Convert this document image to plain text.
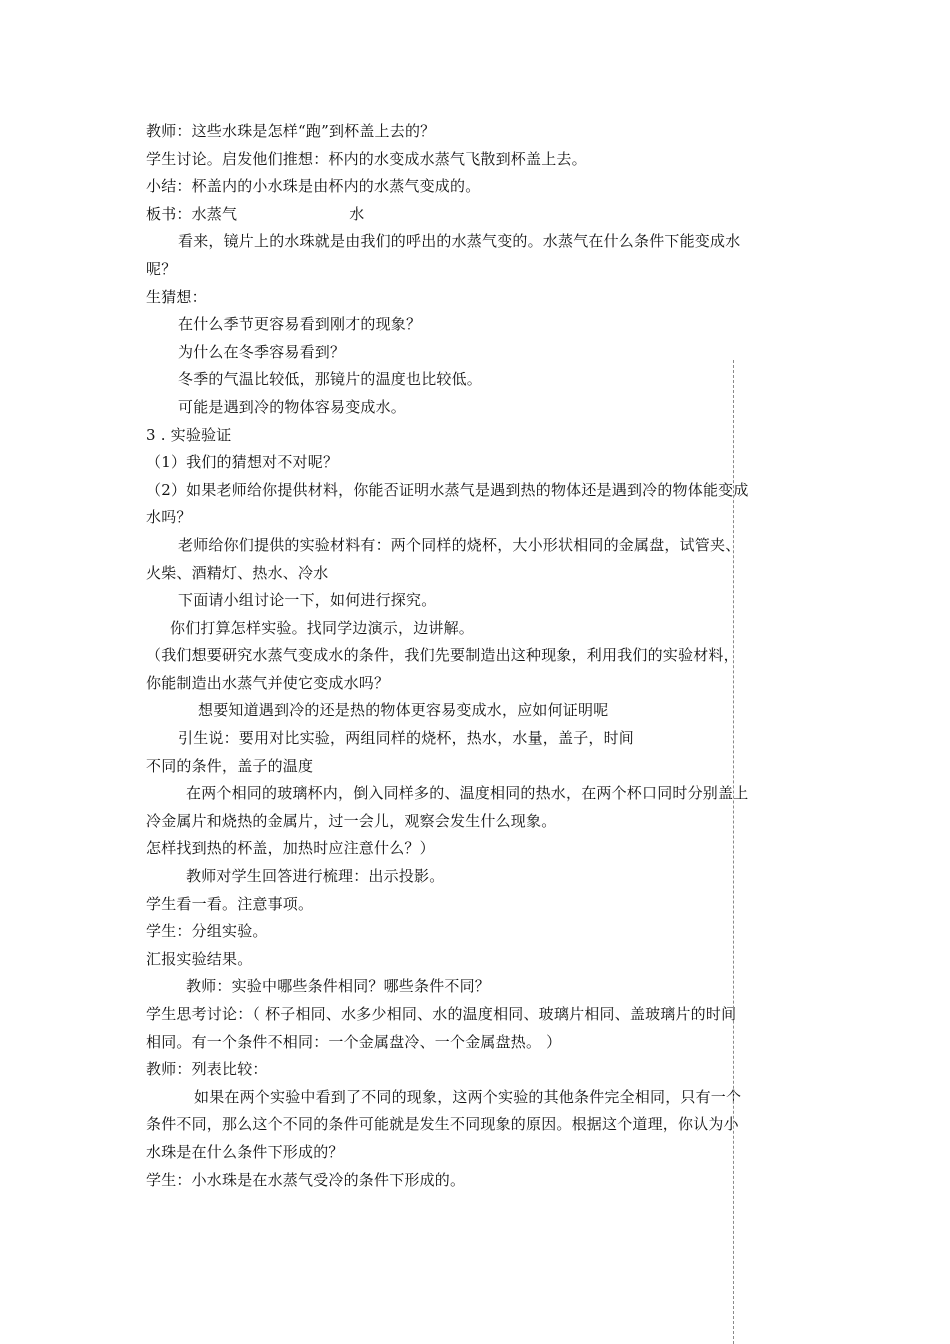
教师：这些水珠是怎样“跑”到杯盖上去的？
学生讨论。启发他们推想：杯内的水变成水蒸气飞散到杯盖上去。
小结：杯盖内的小水珠是由杯内的水蒸气变成的。
板书：水蒸气	水
看来，镜片上的水珠就是由我们的呼出的水蒸气变的。水蒸气在什么条件下能变成水
呢？
生猜想：
在什么季节更容易看到刚才的现象？
为什么在冬季容易看到？
冬季的气温比较低，那镜片的温度也比较低。
可能是遇到冷的物体容易变成水。
3 . 实验验证
（1）我们的猜想对不对呢？
（2）如果老师给你提供材料，你能否证明水蒸气是遇到热的物体还是遇到冷的物体能变成
水吗？
老师给你们提供的实验材料有：两个同样的烧杯，大小形状相同的金属盘，试管夹、
火柴、酒精灯、热水、冷水
下面请小组讨论一下，如何进行探究。
你们打算怎样实验。找同学边演示，边讲解。
（我们想要研究水蒸气变成水的条件，我们先要制造出这种现象，利用我们的实验材料，
你能制造出水蒸气并使它变成水吗？
想要知道遇到冷的还是热的物体更容易变成水，应如何证明呢
引生说：要用对比实验，两组同样的烧杯，热水，水量，盖子，时间
不同的条件，盖子的温度
在两个相同的玻璃杯内，倒入同样多的、温度相同的热水，在两个杯口同时分别盖上
冷金属片和烧热的金属片，过一会儿，观察会发生什么现象。
怎样找到热的杯盖，加热时应注意什么？）
教师对学生回答进行梳理：出示投影。
学生看一看。注意事项。
学生：分组实验。
汇报实验结果。
教师：实验中哪些条件相同？哪些条件不同？
学生思考讨论：（ 杯子相同、水多少相同、水的温度相同、玻璃片相同、盖玻璃片的时间
相同。有一个条件不相同：一个金属盘冷、一个金属盘热。 ）
教师：列表比较：
如果在两个实验中看到了不同的现象，这两个实验的其他条件完全相同，只有一个
条件不同，那么这个不同的条件可能就是发生不同现象的原因。根据这个道理，你认为小
水珠是在什么条件下形成的？
学生：小水珠是在水蒸气受冷的条件下形成的。
